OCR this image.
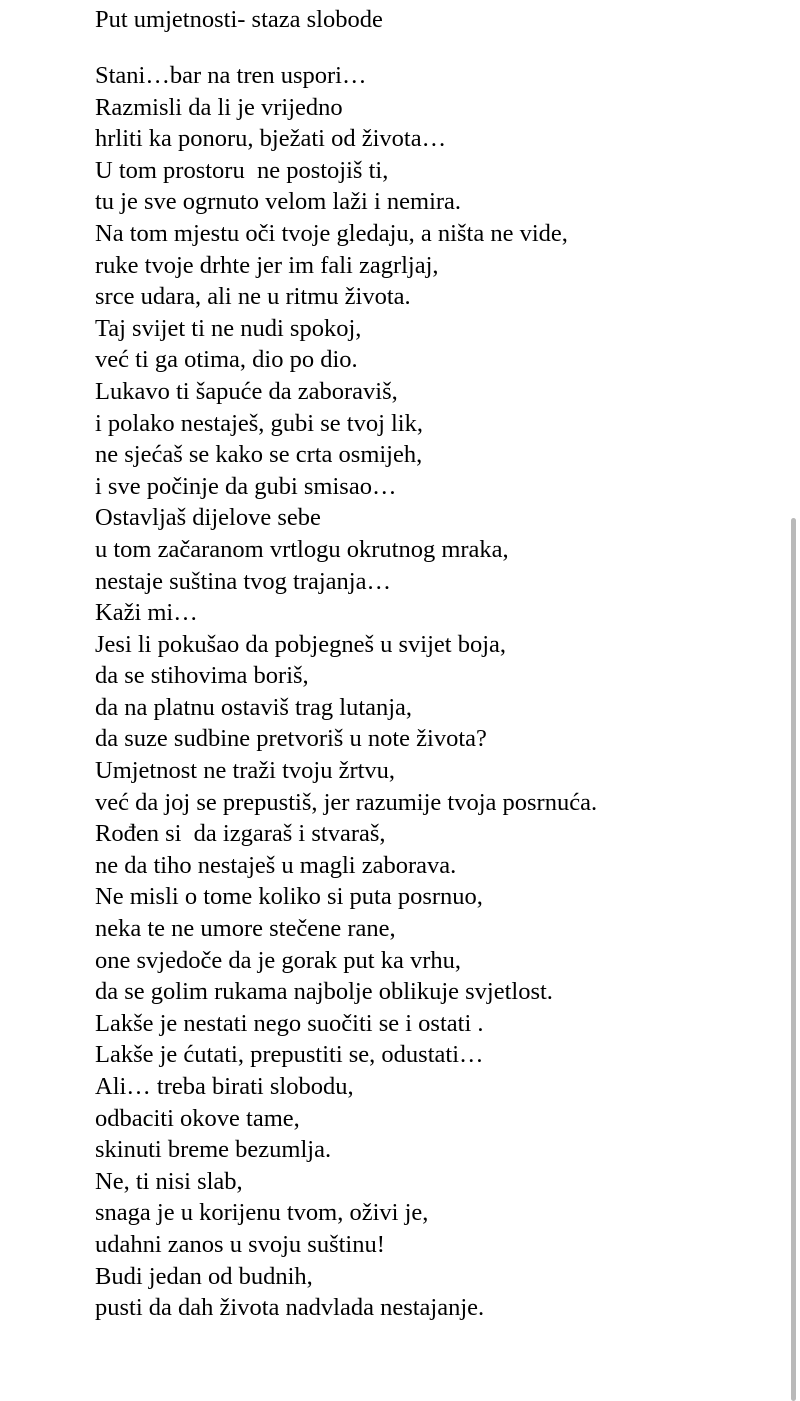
Put umjetnosti- staza slobode
Stani…bar na tren uspori…
Razmisli da li je vrijedno
hrliti ka ponoru, bježati od života…
U tom prostoru  ne postojiš ti,
tu je sve ogrnuto velom laži i nemira.
Na tom mjestu oči tvoje gledaju, a ništa ne vide,
ruke tvoje drhte jer im fali zagrljaj,
srce udara, ali ne u ritmu života.
Taj svijet ti ne nudi spokoj,
već ti ga otima, dio po dio.
Lukavo ti šapuće da zaboraviš,
i polako nestaješ, gubi se tvoj lik,
ne sjećaš se kako se crta osmijeh,
i sve počinje da gubi smisao…
Ostavljaš dijelove sebe
u tom začaranom vrtlogu okrutnog mraka,
nestaje suština tvog trajanja…
Kaži mi…
Jesi li pokušao da pobjegneš u svijet boja,
da se stihovima boriš,
da na platnu ostaviš trag lutanja,
da suze sudbine pretvoriš u note života?
Umjetnost ne traži tvoju žrtvu,
već da joj se prepustiš, jer razumije tvoja posrnuća.
Rođen si  da izgaraš i stvaraš,
ne da tiho nestaješ u magli zaborava.
Ne misli o tome koliko si puta posrnuo,
neka te ne umore stečene rane,
one svjedoče da je gorak put ka vrhu,
da se golim rukama najbolje oblikuje svjetlost.
Lakše je nestati nego suočiti se i ostati .
Lakše je ćutati, prepustiti se, odustati…
Ali… treba birati slobodu,
odbaciti okove tame,
skinuti breme bezumlja.
Ne, ti nisi slab,
snaga je u korijenu tvom, oživi je,
udahni zanos u svoju suštinu!
Budi jedan od budnih,
pusti da dah života nadvlada nestajanje.
